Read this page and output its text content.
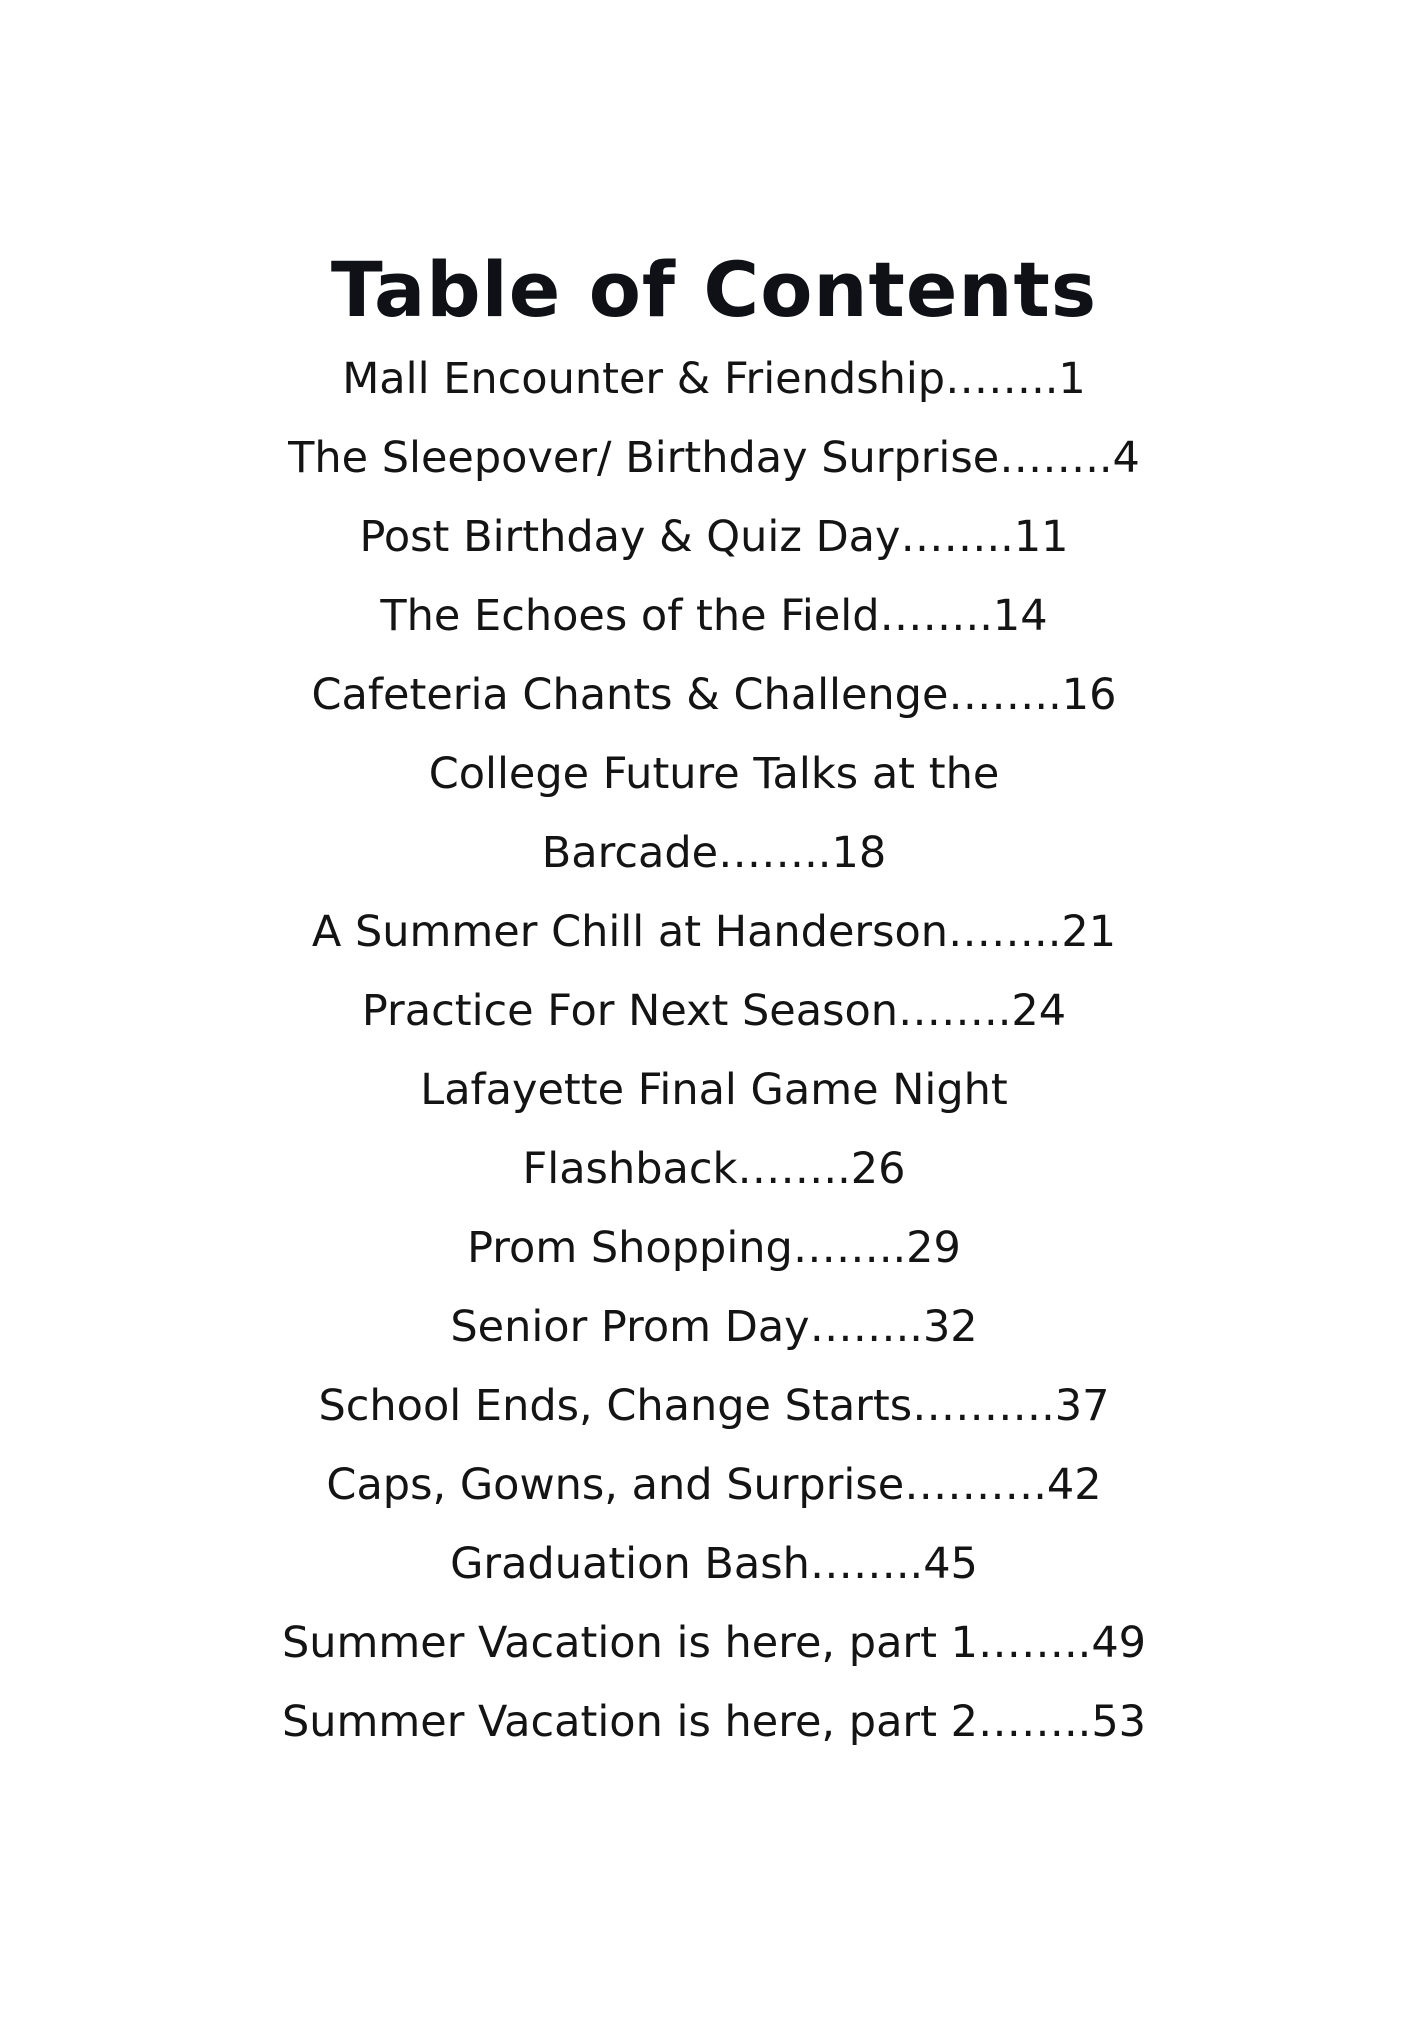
Table of Contents
Mall Encounter & Friendship……..1
The Sleepover/ Birthday Surprise……..4
Post Birthday & Quiz Day……..11
The Echoes of the Field……..14
Cafeteria Chants & Challenge……..16
College Future Talks at the
Barcade……..18
A Summer Chill at Handerson……..21
Practice For Next Season……..24
Lafayette Final Game Night
Flashback……..26
Prom Shopping……..29
Senior Prom Day……..32
School Ends, Change Starts……….37
Caps, Gowns, and Surprise……….42
Graduation Bash……..45
Summer Vacation is here, part 1……..49
Summer Vacation is here, part 2……..53
